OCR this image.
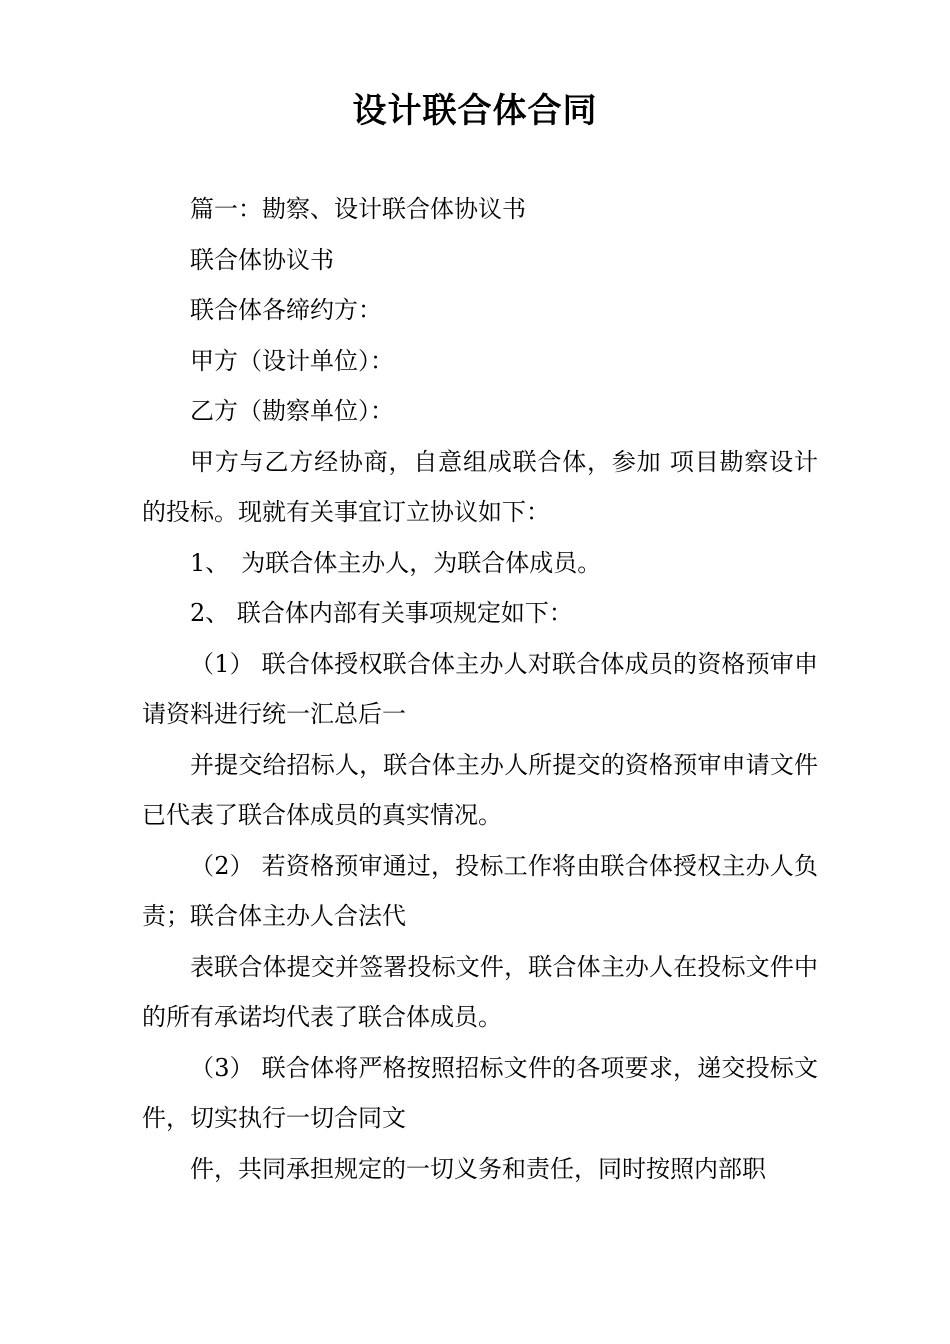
设计联合体合同

篇一：勘察、设计联合体协议书

联合体协议书

联合体各缔约方：

甲方（设计单位）：

乙方（勘察单位）：

甲方与乙方经协商，自意组成联合体，参加 项目勘察设计的投标。现就有关事宜订立协议如下：

1、　为联合体主办人，为联合体成员。

2、 联合体内部有关事项规定如下：

（1） 联合体授权联合体主办人对联合体成员的资格预审申请资料进行统一汇总后一

并提交给招标人，联合体主办人所提交的资格预审申请文件已代表了联合体成员的真实情况。

（2） 若资格预审通过，投标工作将由联合体授权主办人负责；联合体主办人合法代

表联合体提交并签署投标文件，联合体主办人在投标文件中的所有承诺均代表了联合体成员。

（3） 联合体将严格按照招标文件的各项要求，递交投标文件，切实执行一切合同文

件，共同承担规定的一切义务和责任，同时按照内部职
